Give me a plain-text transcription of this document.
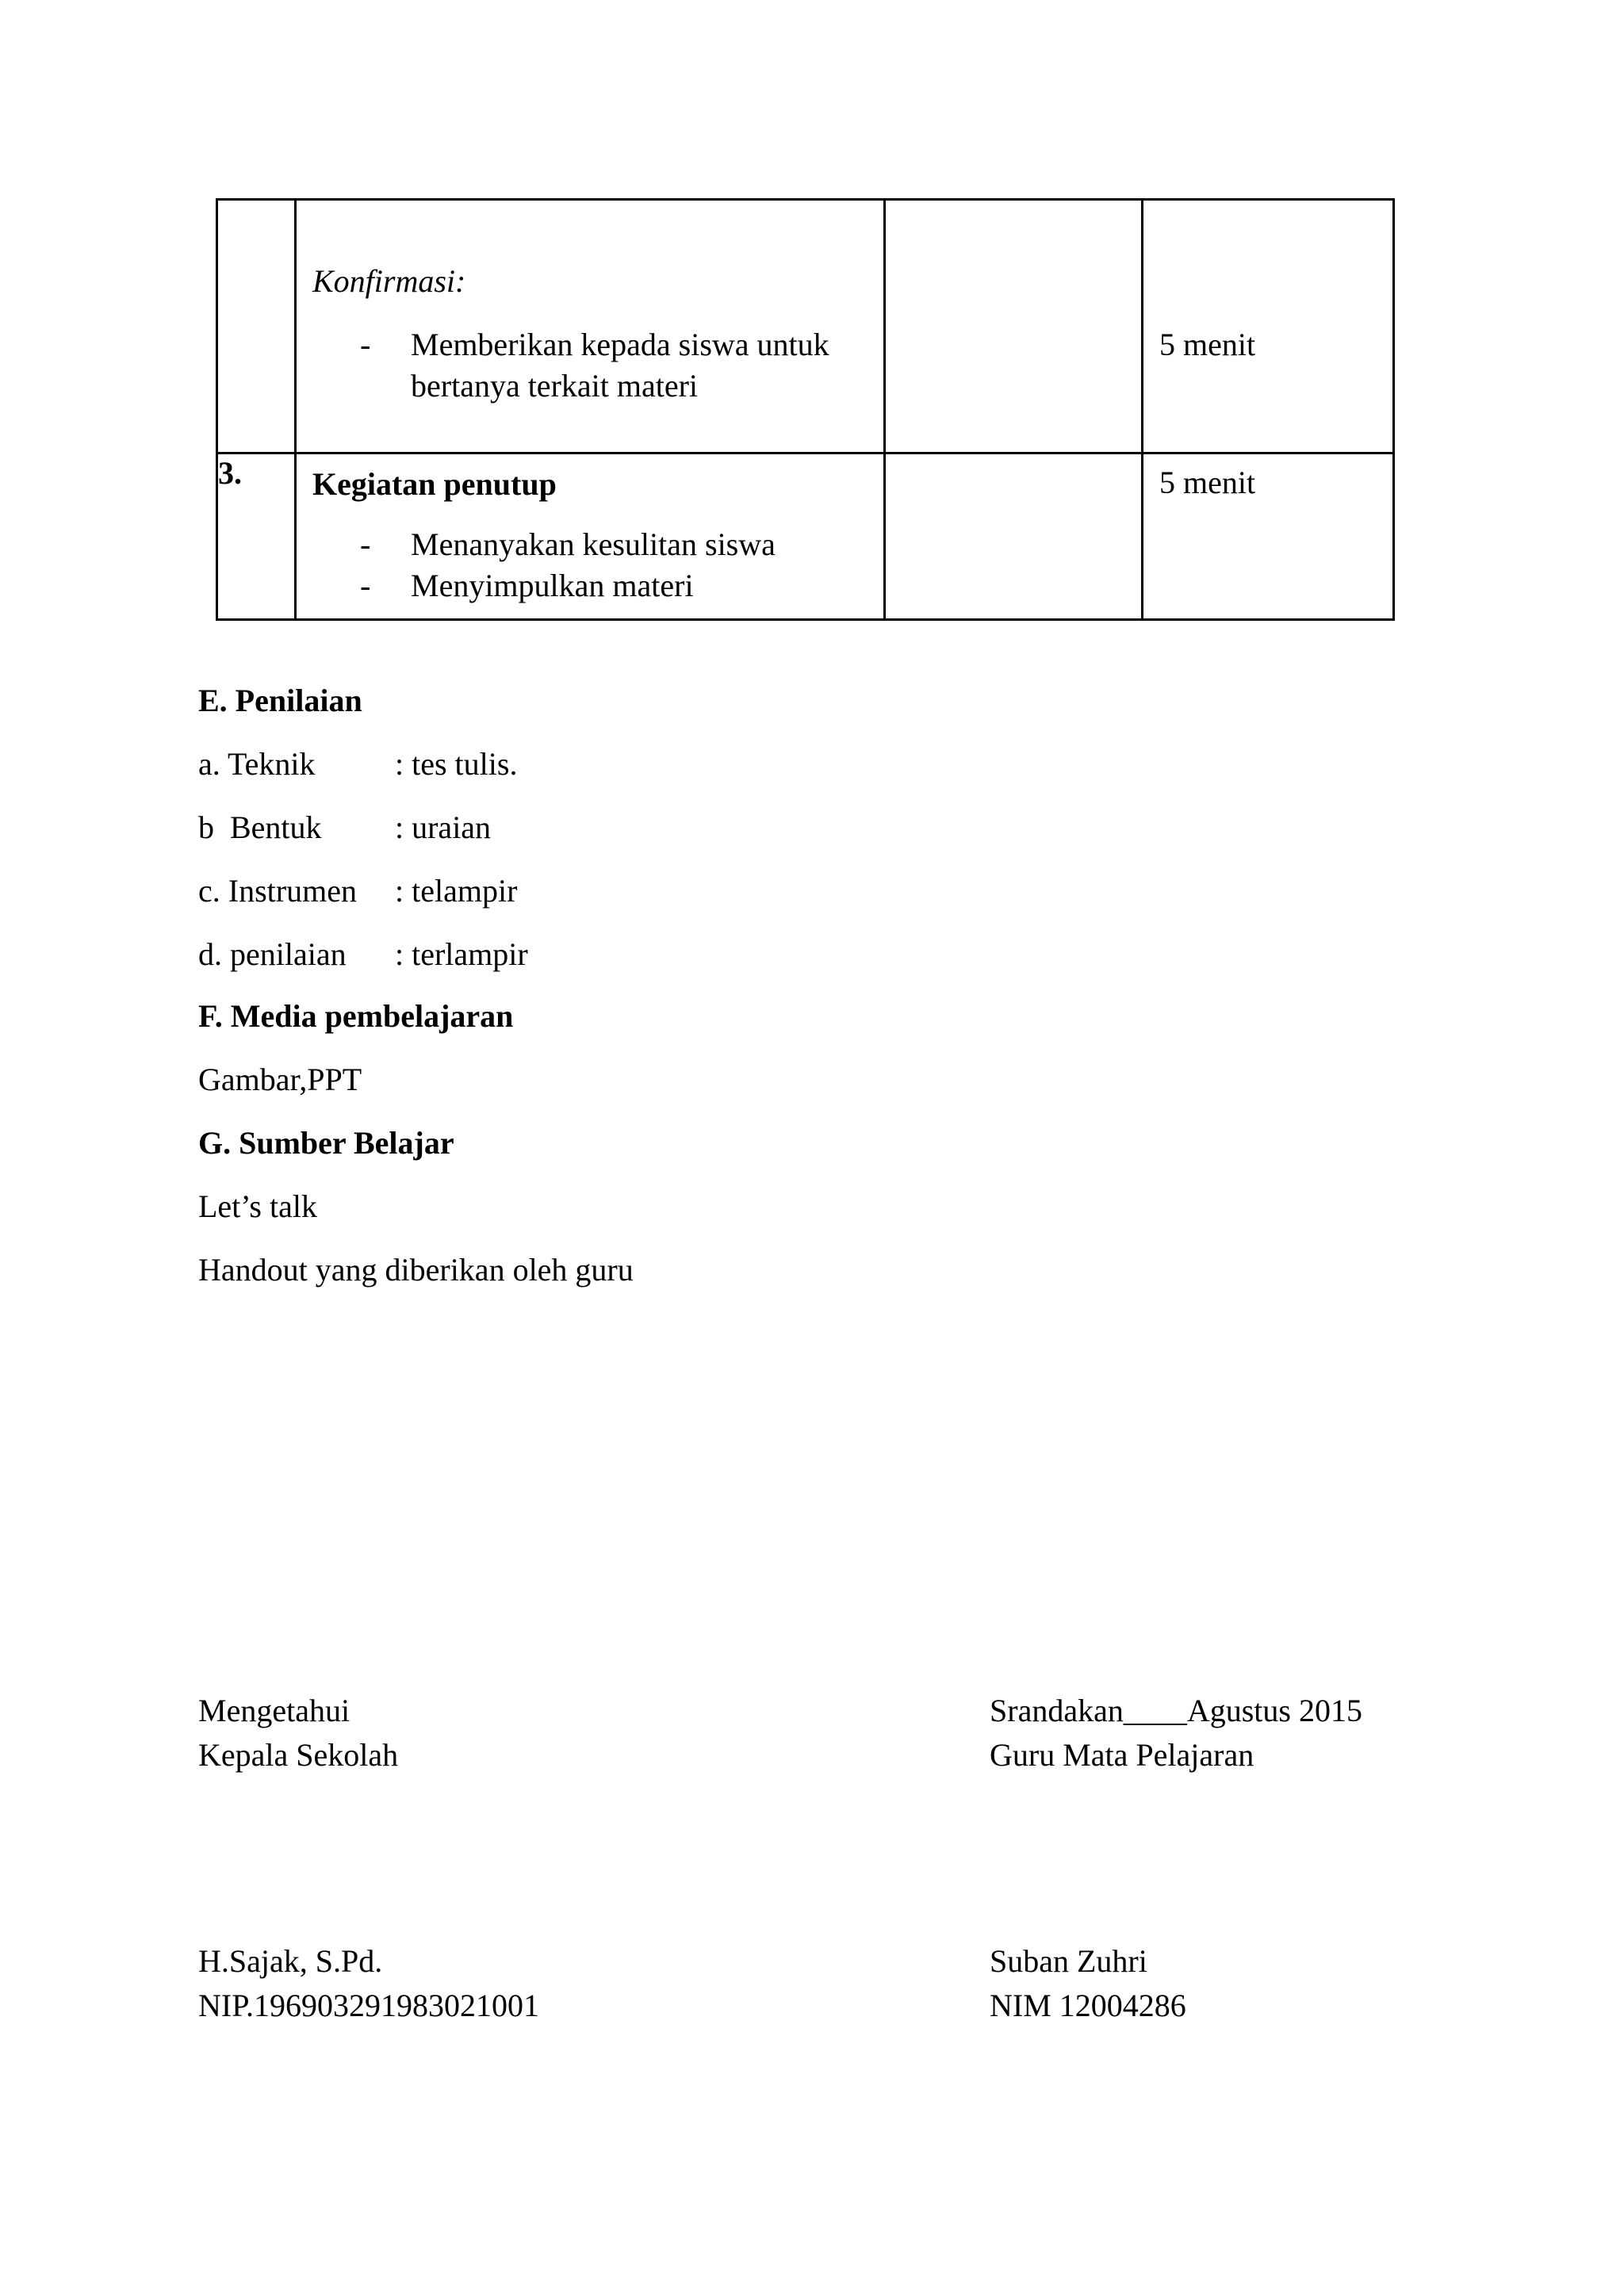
	Konfirmasi:
- Memberikan kepada siswa untuk bertanya terkait materi		5 menit

3.	Kegiatan penutup
- Menanyakan kesulitan siswa
- Menyimpulkan materi		5 menit
E. Penilaian
a. Teknik	: tes tulis.
b  Bentuk : uraian
c. Instrumen : telampir
d. penilaian : terlampir
F. Media pembelajaran
Gambar,PPT
G. Sumber Belajar
Let’s talk
Handout yang diberikan oleh guru
Mengetahui
Kepala Sekolah
H.Sajak, S.Pd.
NIP.196903291983021001
Srandakan____Agustus 2015
Guru Mata Pelajaran
Suban Zuhri
NIM 12004286
